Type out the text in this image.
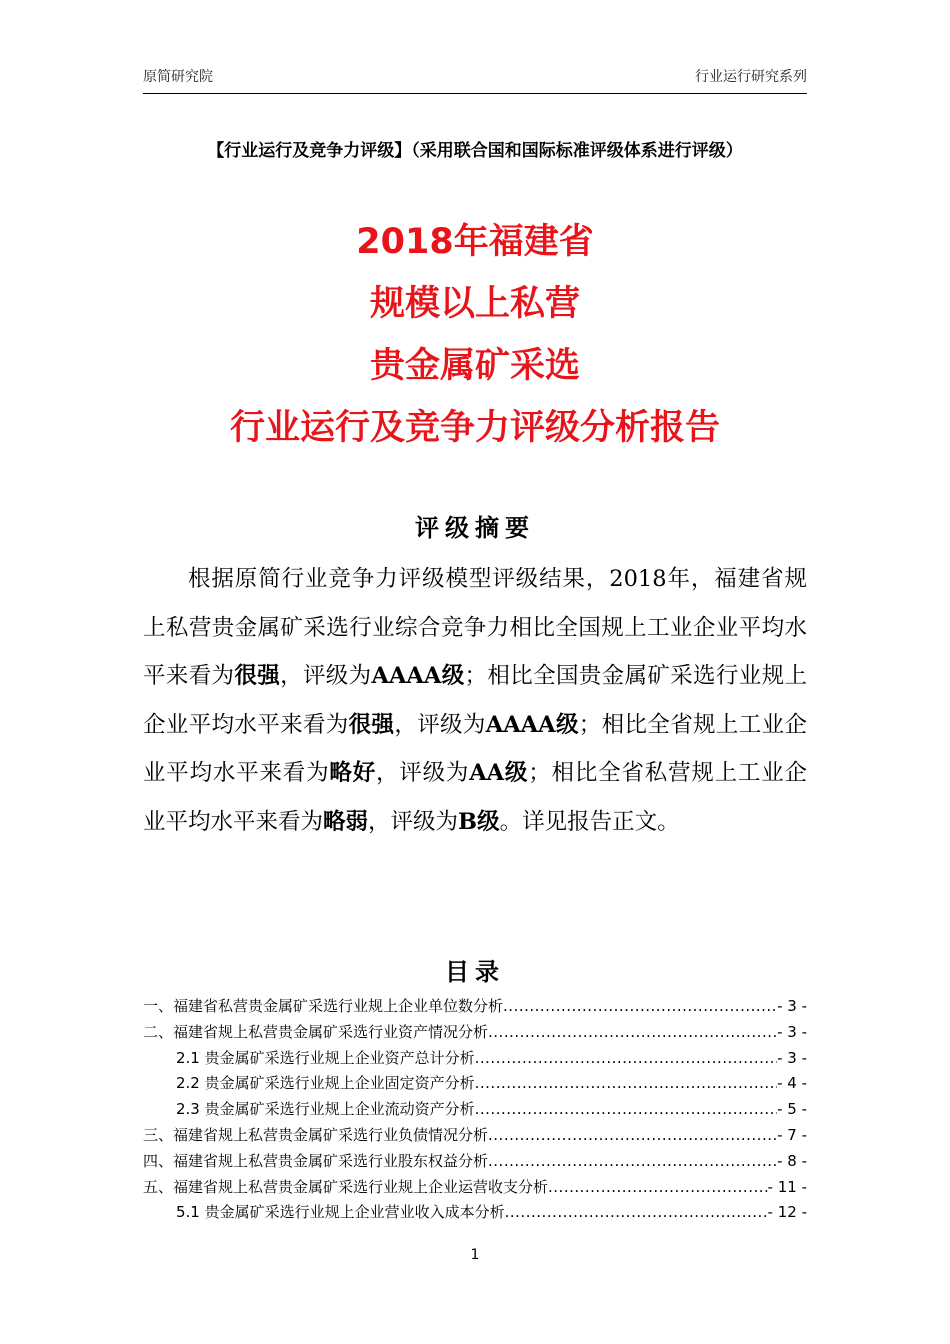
原简研究院	行业运行研究系列
【行业运行及竞争力评级】（采用联合国和国际标准评级体系进行评级）
2018年福建省
规模以上私营
贵金属矿采选
行业运行及竞争力评级分析报告
评级摘要
根据原简行业竞争力评级模型评级结果，2018年，福建省规上私营贵金属矿采选行业综合竞争力相比全国规上工业企业平均水平来看为很强，评级为AAAA级；相比全国贵金属矿采选行业规上企业平均水平来看为很强，评级为AAAA级；相比全省规上工业企业平均水平来看为略好，评级为AA级；相比全省私营规上工业企业平均水平来看为略弱，评级为B级。详见报告正文。
目录
一、福建省私营贵金属矿采选行业规上企业单位数分析 .....	- 3 -
二、福建省规上私营贵金属矿采选行业资产情况分析 .....	- 3 -
2.1 贵金属矿采选行业规上企业资产总计分析 .....	- 3 -
2.2 贵金属矿采选行业规上企业固定资产分析 .....	- 4 -
2.3 贵金属矿采选行业规上企业流动资产分析 .....	- 5 -
三、福建省规上私营贵金属矿采选行业负债情况分析 .....	- 7 -
四、福建省规上私营贵金属矿采选行业股东权益分析 .....	- 8 -
五、福建省规上私营贵金属矿采选行业规上企业运营收支分析 .....	- 11 -
5.1 贵金属矿采选行业规上企业营业收入成本分析 .....	- 12 -
1
